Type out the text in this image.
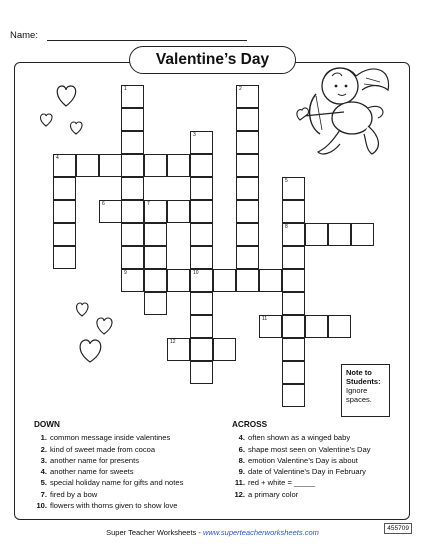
Name:
Valentine’s Day
1	2
3
4
6	7
5
8
9	10
11
12
Note to Students:
Ignore spaces.
DOWN
1. common message inside valentines
2. kind of sweet made from cocoa
3. another name for presents
4. another name for sweets
5. special holiday name for gifts and notes
7. fired by a bow
10. flowers with thorns given to show love
ACROSS
4. often shown as a winged baby
6. shape most seen on Valentine’s Day
8. emotion Valentine’s Day is about
9. date of Valentine’s Day in February
11. red + white = _____
12. a primary color
Super Teacher Worksheets - www.superteacherworksheets.com	455709
